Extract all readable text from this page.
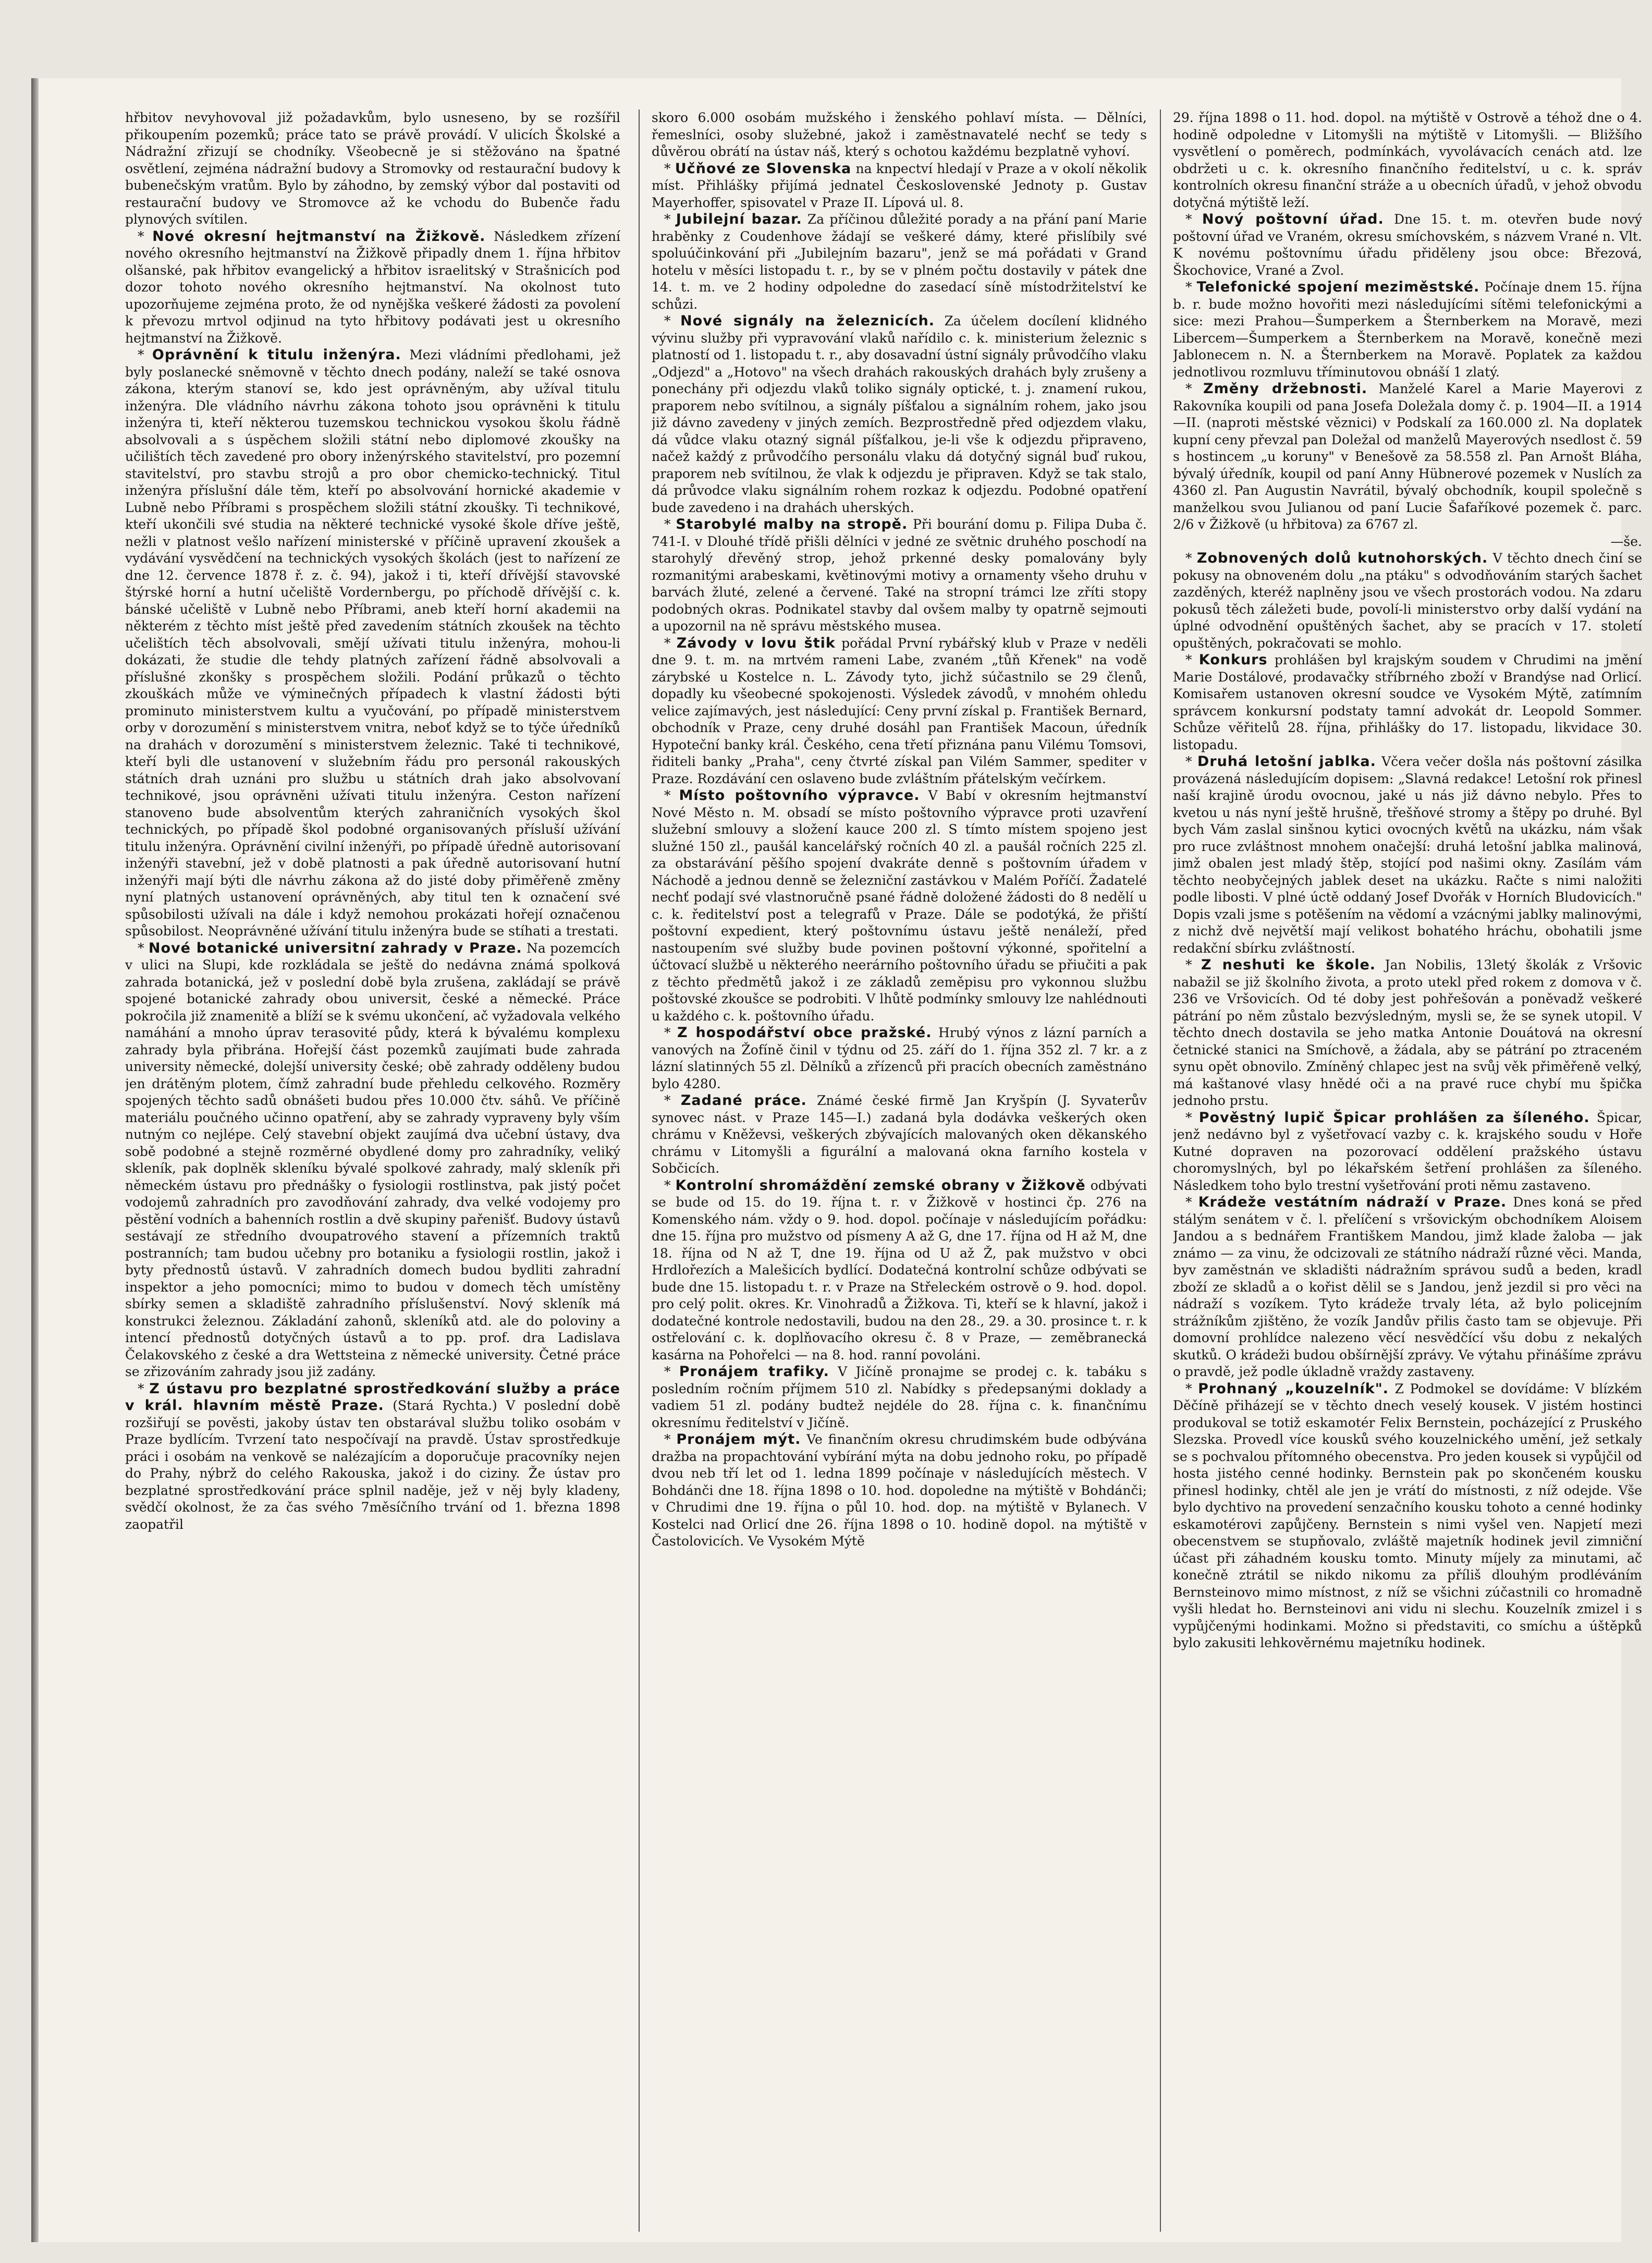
hřbitov nevyhovoval již požadavkům, bylo usneseno, by se rozšířil přikoupením pozemků; práce tato se právě provádí. V ulicích Školské a Nádražní zřizují se chodníky. Všeobecně je si stěžováno na špatné osvětlení, zejména nádražní budovy a Stromovky od restaurační budovy k bubenečským vratům. Bylo by záhodno, by zemský výbor dal postaviti od restaurační budovy ve Stromovce až ke vchodu do Bubenče řadu plynových svítilen.

* Nové okresní hejtmanství na Žižkově. Následkem zřízení nového okresního hejtmanství na Žižkově připadly dnem 1. října hřbitov olšanské, pak hřbitov evangelický a hřbitov israelitský v Strašnicích pod dozor tohoto nového okresního hejtmanství. Na okolnost tuto upozorňujeme zejména proto, že od nynějška veškeré žádosti za povolení k převozu mrtvol odjinud na tyto hřbitovy podávati jest u okresního hejtmanství na Žižkově.

* Oprávnění k titulu inženýra. Mezi vládními předlohami, jež byly poslanecké sněmovně v těchto dnech podány, naleží se také osnova zákona, kterým stanoví se, kdo jest oprávněným, aby užíval titulu inženýra. Dle vládního návrhu zákona tohoto jsou oprávněni k titulu inženýra ti, kteří některou tuzemskou technickou vysokou školu řádně absolvovali a s úspěchem složili státní nebo diplomové zkoušky na učilištích těch zavedené pro obory inženýrského stavitelství, pro pozemní stavitelství, pro stavbu strojů a pro obor chemicko-technický. Titul inženýra příslušní dále těm, kteří po absolvování hornické akademie v Lubně nebo Příbrami s prospěchem složili státní zkoušky. Ti technikové, kteří ukončili své studia na některé technické vysoké škole dříve ještě, nežli v platnost vešlo nařízení ministerské v příčině upravení zkoušek a vydávání vysvědčení na technických vysokých školách (jest to nařízení ze dne 12. července 1878 ř. z. č. 94), jakož i ti, kteří dřívější stavovské štýrské horní a hutní učeliště Vordernbergu, po příchodě dřívější c. k. bánské učeliště v Lubně nebo Příbrami, aneb kteří horní akademii na některém z těchto míst ještě před zavedením státních zkoušek na těchto učelištích těch absolvovali, smějí užívati titulu inženýra, mohou-li dokázati, že studie dle tehdy platných zařízení řádně absolvovali a příslušné zkonšky s prospěchem složili. Podání průkazů o těchto zkouškách může ve výminečných případech k vlastní žádosti býti prominuto ministerstvem kultu a vyučování, po případě ministerstvem orby v dorozumění s ministerstvem vnitra, neboť když se to týče úředníků na drahách v dorozumění s ministerstvem železnic. Také ti technikové, kteří byli dle ustanovení v služebním řádu pro personál rakouských státních drah uznáni pro službu u státních drah jako absolvovaní technikové, jsou oprávněni užívati titulu inženýra. Ceston nařízení stanoveno bude absolventům kterých zahraničních vysokých škol technických, po případě škol podobné organisovaných přísluší užívání titulu inženýra. Oprávnění civilní inženýři, po případě úředně autorisovaní inženýři stavební, jež v době platnosti a pak úředně autorisovaní hutní inženýři mají býti dle návrhu zákona až do jisté doby přiměřeně změny nyní platných ustanovení oprávněných, aby titul ten k označení své spůsobilosti užívali na dále i když nemohou prokázati hořejí označenou spůsobilost. Neoprávněné užívání titulu inženýra bude se stíhati a trestati.

* Nové botanické universitní zahrady v Praze. Na pozemcích v ulici na Slupi, kde rozkládala se ještě do nedávna známá spolková zahrada botanická, jež v poslední době byla zrušena, zakládají se právě spojené botanické zahrady obou universit, české a německé. Práce pokročila již znamenitě a blíží se k svému ukončení, ač vyžadovala velkého namáhání a mnoho úprav terasovité půdy, která k bývalému komplexu zahrady byla přibrána. Hořejší část pozemků zaujímati bude zahrada university německé, dolejší university české; obě zahrady odděleny budou jen drátěným plotem, čímž zahradní bude přehledu celkového. Rozměry spojených těchto sadů obnášeti budou přes 10.000 čtv. sáhů. Ve příčině materiálu poučného učinno opatření, aby se zahrady vypraveny byly vším nutným co nejlépe. Celý stavební objekt zaujímá dva učební ústavy, dva sobě podobné a stejně rozměrné obydlené domy pro zahradníky, veliký skleník, pak doplněk skleníku bývalé spolkové zahrady, malý skleník při německém ústavu pro přednášky o fysiologii rostlinstva, pak jistý počet vodojemů zahradních pro zavodňování zahrady, dva velké vodojemy pro pěstění vodních a bahenních rostlin a dvě skupiny pařenišť. Budovy ústavů sestávají ze středního dvoupatrového stavení a přízemních traktů postranních; tam budou učebny pro botaniku a fysiologii rostlin, jakož i byty přednostů ústavů. V zahradních domech budou bydliti zahradní inspektor a jeho pomocníci; mimo to budou v domech těch umístěny sbírky semen a skladiště zahradního příslušenství. Nový skleník má konstrukci železnou. Základání zahonů, skleníků atd. ale do poloviny a intencí přednostů dotyčných ústavů a to pp. prof. dra Ladislava Čelakovského z české a dra Wettsteina z německé university. Četné práce se zřizováním zahrady jsou již zadány.

* Z ústavu pro bezplatné sprostředkování služby a práce v král. hlavním městě Praze. (Stará Rychta.) V poslední době rozšiřují se pověsti, jakoby ústav ten obstarával službu toliko osobám v Praze bydlícím. Tvrzení tato nespočívají na pravdě. Ústav sprostředkuje práci i osobám na venkově se nalézajícím a doporučuje pracovníky nejen do Prahy, nýbrž do celého Rakouska, jakož i do ciziny. Že ústav pro bezplatné sprostředkování práce splnil naděje, jež v něj byly kladeny, svědčí okolnost, že za čas svého 7měsíčního trvání od 1. března 1898 zaopatřil

skoro 6.000 osobám mužského i ženského pohlaví místa. — Dělníci, řemeslníci, osoby služebné, jakož i zaměstnavatelé nechť se tedy s důvěrou obrátí na ústav náš, který s ochotou každému bezplatně vyhoví.

* Učňové ze Slovenska na knpectví hledají v Praze a v okolí několik míst. Přihlášky přijímá jednatel Československé Jednoty p. Gustav Mayerhoffer, spisovatel v Praze II. Lípová ul. 8.

* Jubilejní bazar. Za příčinou důležité porady a na přání paní Marie hraběnky z Coudenhove žádají se veškeré dámy, které přislíbily své spoluúčinkování při „Jubilejním bazaru", jenž se má pořádati v Grand hotelu v měsíci listopadu t. r., by se v plném počtu dostavily v pátek dne 14. t. m. ve 2 hodiny odpoledne do zasedací síně místodržitelství ke schůzi.

* Nové signály na železnicích. Za účelem docílení klidného vývinu služby při vypravování vlaků nařídilo c. k. ministerium železnic s platností od 1. listopadu t. r., aby dosavadní ústní signály průvodčího vlaku „Odjezd" a „Hotovo" na všech drahách rakouských drahách byly zrušeny a ponechány při odjezdu vlaků toliko signály optické, t. j. znamení rukou, praporem nebo svítilnou, a signály píšťalou a signálním rohem, jako jsou již dávno zavedeny v jiných zemích. Bezprostředně před odjezdem vlaku, dá vůdce vlaku otazný signál píšťalkou, je-li vše k odjezdu připraveno, načež každý z průvodčího personálu vlaku dá dotyčný signál buď rukou, praporem neb svítilnou, že vlak k odjezdu je připraven. Když se tak stalo, dá průvodce vlaku signálním rohem rozkaz k odjezdu. Podobné opatření bude zavedeno i na drahách uherských.

* Starobylé malby na stropě. Při bourání domu p. Filipa Duba č. 741-I. v Dlouhé třídě přišli dělníci v jedné ze světnic druhého poschodí na starohylý dřevěný strop, jehož prkenné desky pomalovány byly rozmanitými arabeskami, květinovými motivy a ornamenty všeho druhu v barvách žluté, zelené a červené. Také na stropní trámci lze zříti stopy podobných okras. Podnikatel stavby dal ovšem malby ty opatrně sejmouti a upozornil na ně správu městského musea.

* Závody v lovu štik pořádal První rybářský klub v Praze v neděli dne 9. t. m. na mrtvém rameni Labe, zvaném „tůň Křenek" na vodě zárybské u Kostelce n. L. Závody tyto, jichž súčastnilo se 29 členů, dopadly ku všeobecné spokojenosti. Výsledek závodů, v mnohém ohledu velice zajímavých, jest následující: Ceny první získal p. František Bernard, obchodník v Praze, ceny druhé dosáhl pan František Macoun, úředník Hypoteční banky král. Českého, cena třetí přiznána panu Vilému Tomsovi, řiditeli banky „Praha", ceny čtvrté získal pan Vilém Sammer, spediter v Praze. Rozdávání cen oslaveno bude zvláštním přátelským večírkem.

* Místo poštovního výpravce. V Babí v okresním hejtmanství Nové Město n. M. obsadí se místo poštovního výpravce proti uzavření služební smlouvy a složení kauce 200 zl. S tímto místem spojeno jest služné 150 zl., paušál kancelářský ročních 40 zl. a paušál ročních 225 zl. za obstarávání pěšího spojení dvakráte denně s poštovním úřadem v Náchodě a jednou denně se železniční zastávkou v Malém Poříčí. Žadatelé nechť podají své vlastnoručně psané řádně doložené žádosti do 8 nedělí u c. k. ředitelství post a telegrafů v Praze. Dále se podotýká, že přiští poštovní expedient, který poštovnímu ústavu ještě nenáleží, před nastoupením své služby bude povinen poštovní výkonné, spořitelní a účtovací službě u některého neerárního poštovního úřadu se přiučiti a pak z těchto předmětů jakož i ze základů zeměpisu pro vykonnou službu poštovské zkoušce se podrobiti. V lhůtě podmínky smlouvy lze nahlédnouti u každého c. k. poštovního úřadu.

* Z hospodářství obce pražské. Hrubý výnos z lázní parních a vanových na Žofíně činil v týdnu od 25. září do 1. října 352 zl. 7 kr. a z lázní slatinných 55 zl. Dělníků a zřízenců při pracích obecních zaměstnáno bylo 4280.

* Zadané práce. Známé české firmě Jan Kryšpín (J. Syvaterův synovec nást. v Praze 145—I.) zadaná byla dodávka veškerých oken chrámu v Kněževsi, veškerých zbývajících malovaných oken děkanského chrámu v Litomyšli a figurální a malovaná okna farního kostela v Sobčicích.

* Kontrolní shromáždění zemské obrany v Žižkově odbývati se bude od 15. do 19. října t. r. v Žižkově v hostinci čp. 276 na Komenského nám. vždy o 9. hod. dopol. počínaje v následujícím pořádku: dne 15. října pro mužstvo od písmeny A až G, dne 17. října od H až M, dne 18. října od N až T, dne 19. října od U až Ž, pak mužstvo v obci Hrdlořezích a Malešicích bydlící. Dodatečná kontrolní schůze odbývati se bude dne 15. listopadu t. r. v Praze na Střeleckém ostrově o 9. hod. dopol. pro celý polit. okres. Kr. Vinohradů a Žižkova. Ti, kteří se k hlavní, jakož i dodatečné kontrole nedostavili, budou na den 28., 29. a 30. prosince t. r. k ostřelování c. k. doplňovacího okresu č. 8 v Praze, — zeměbranecká kasárna na Pohořelci — na 8. hod. ranní povoláni.

* Pronájem trafiky. V Jičíně pronajme se prodej c. k. tabáku s posledním ročním příjmem 510 zl. Nabídky s předepsanými doklady a vadiem 51 zl. podány budtež nejdéle do 28. října c. k. finančnímu okresnímu ředitelství v Jičíně.

* Pronájem mýt. Ve finančním okresu chrudimském bude odbývána dražba na propachtování vybírání mýta na dobu jednoho roku, po případě dvou neb tří let od 1. ledna 1899 počínaje v následujících městech. V Bohdánči dne 18. října 1898 o 10. hod. dopoledne na mýtiště v Bohdánči; v Chrudimi dne 19. října o půl 10. hod. dop. na mýtiště v Bylanech. V Kostelci nad Orlicí dne 26. října 1898 o 10. hodině dopol. na mýtiště v Častolovicích. Ve Vysokém Mýtě

29. října 1898 o 11. hod. dopol. na mýtiště v Ostrově a téhož dne o 4. hodině odpoledne v Litomyšli na mýtiště v Litomyšli. — Bližšího vysvětlení o poměrech, podmínkách, vyvolávacích cenách atd. lze obdržeti u c. k. okresního finančního ředitelství, u c. k. správ kontrolních okresu finanční stráže a u obecních úřadů, v jehož obvodu dotyčná mýtiště leží.

* Nový poštovní úřad. Dne 15. t. m. otevřen bude nový poštovní úřad ve Vraném, okresu smíchovském, s názvem Vrané n. Vlt. K novému poštovnímu úřadu přiděleny jsou obce: Březová, Škochovice, Vrané a Zvol.

* Telefonické spojení meziměstské. Počínaje dnem 15. října b. r. bude možno hovořiti mezi následujícími sítěmi telefonickými a sice: mezi Prahou—Šumperkem a Šternberkem na Moravě, mezi Libercem—Šumperkem a Šternberkem na Moravě, konečně mezi Jablonecem n. N. a Šternberkem na Moravě. Poplatek za každou jednotlivou rozmluvu tříminutovou obnáší 1 zlatý.

* Změny držebnosti. Manželé Karel a Marie Mayerovi z Rakovníka koupili od pana Josefa Doležala domy č. p. 1904—II. a 1914—II. (naproti městské věznici) v Podskalí za 160.000 zl. Na doplatek kupní ceny převzal pan Doležal od manželů Mayerových nsedlost č. 59 s hostincem „u koruny" v Benešově za 58.558 zl. Pan Arnošt Bláha, bývalý úředník, koupil od paní Anny Hübnerové pozemek v Nuslích za 4360 zl. Pan Augustin Navrátil, bývalý obchodník, koupil společně s manželkou svou Julianou od paní Lucie Šafaříkové pozemek č. parc. 2/6 v Žižkově (u hřbitova) za 6767 zl.
—še.

* Zobnovených dolů kutnohorských. V těchto dnech činí se pokusy na obnoveném dolu „na ptáku" s odvodňováním starých šachet zazděných, kteréž naplněny jsou ve všech prostorách vodou. Na zdaru pokusů těch záležeti bude, povolí-li ministerstvo orby další vydání na úplné odvodnění opuštěných šachet, aby se pracích v 17. století opuštěných, pokračovati se mohlo.

* Konkurs prohlášen byl krajským soudem v Chrudimi na jmění Marie Dostálové, prodavačky stříbrného zboží v Brandýse nad Orlicí. Komisařem ustanoven okresní soudce ve Vysokém Mýtě, zatímním správcem konkursní podstaty tamní advokát dr. Leopold Sommer. Schůze věřitelů 28. října, přihlášky do 17. listopadu, likvidace 30. listopadu.

* Druhá letošní jablka. Včera večer došla nás poštovní zásilka provázená následujícím dopisem: „Slavná redakce! Letošní rok přinesl naší krajině úrodu ovocnou, jaké u nás již dávno nebylo. Přes to kvetou u nás nyní ještě hrušně, třešňové stromy a štěpy po druhé. Byl bych Vám zaslal sinšnou kytici ovocných květů na ukázku, nám však pro ruce zvláštnost mnohem onačejší: druhá letošní jablka malinová, jimž obalen jest mladý štěp, stojící pod našimi okny. Zasílám vám těchto neobyčejných jablek deset na ukázku. Račte s nimi naložiti podle libosti. V plné úctě oddaný Josef Dvořák v Horních Bludovicích." Dopis vzali jsme s potěšením na vědomí a vzácnými jablky malinovými, z nichž dvě největší mají velikost bohatého hráchu, obohatili jsme redakční sbírku zvláštností.

* Z neshuti ke škole. Jan Nobilis, 13letý školák z Vršovic nabažil se již školního života, a proto utekl před rokem z domova v č. 236 ve Vršovicích. Od té doby jest pohřešován a poněvadž veškeré pátrání po něm zůstalo bezvýsledným, mysli se, že se synek utopil. V těchto dnech dostavila se jeho matka Antonie Douátová na okresní četnické stanici na Smíchově, a žádala, aby se pátrání po ztraceném synu opět obnovilo. Zmíněný chlapec jest na svůj věk přiměřeně velký, má kaštanové vlasy hnědé oči a na pravé ruce chybí mu špička jednoho prstu.

* Pověstný lupič Špicar prohlášen za šíleného. Špicar, jenž nedávno byl z vyšetřovací vazby c. k. krajského soudu v Hoře Kutné dopraven na pozorovací oddělení pražského ústavu choromyslných, byl po lékařském šetření prohlášen za šíleného. Následkem toho bylo trestní vyšetřování proti němu zastaveno.

* Krádeže vestátním nádraží v Praze. Dnes koná se před stálým senátem v č. l. přelíčení s vršovickým obchodníkem Aloisem Jandou a s bednářem Františkem Mandou, jimž klade žaloba — jak známo — za vinu, že odcizovali ze státního nádraží různé věci. Manda, byv zaměstnán ve skladišti nádražním správou sudů a beden, kradl zboží ze skladů a o kořist dělil se s Jandou, jenž jezdil si pro věci na nádraží s vozíkem. Tyto krádeže trvaly léta, až bylo policejním strážníkům zjištěno, že vozík Jandův přilis často tam se objevuje. Při domovní prohlídce nalezeno věcí nesvědčící všu dobu z nekalých skutků. O krádeži budou obšírnější zprávy. Ve výtahu přinášíme zprávu o pravdě, jež podle úkladně vraždy zastaveny.

* Prohnaný „kouzelník". Z Podmokel se dovídáme: V blízkém Děčíně přiházejí se v těchto dnech veselý kousek. V jistém hostinci produkoval se totiž eskamotér Felix Bernstein, pocházející z Pruského Slezska. Provedl více kousků svého kouzelnického umění, jež setkaly se s pochvalou přítomného obecenstva. Pro jeden kousek si vypůjčil od hosta jistého cenné hodinky. Bernstein pak po skončeném kousku přinesl hodinky, chtěl ale jen je vrátí do místnosti, z níž odejde. Vše bylo dychtivo na provedení senzačního kousku tohoto a cenné hodinky eskamotérovi zapůjčeny. Bernstein s nimi vyšel ven. Napjetí mezi obecenstvem se stupňovalo, zvláště majetník hodinek jevil zimniční účast při záhadném kousku tomto. Minuty míjely za minutami, ač konečně ztrátil se nikdo nikomu za příliš dlouhým prodléváním Bernsteinovo mimo místnost, z níž se všichni zúčastnili co hromadně vyšli hledat ho. Bernsteinovi ani vidu ni slechu. Kouzelník zmizel i s vypůjčenými hodinkami. Možno si představiti, co smíchu a úštěpků bylo zakusiti lehkověrnému majetníku hodinek.
